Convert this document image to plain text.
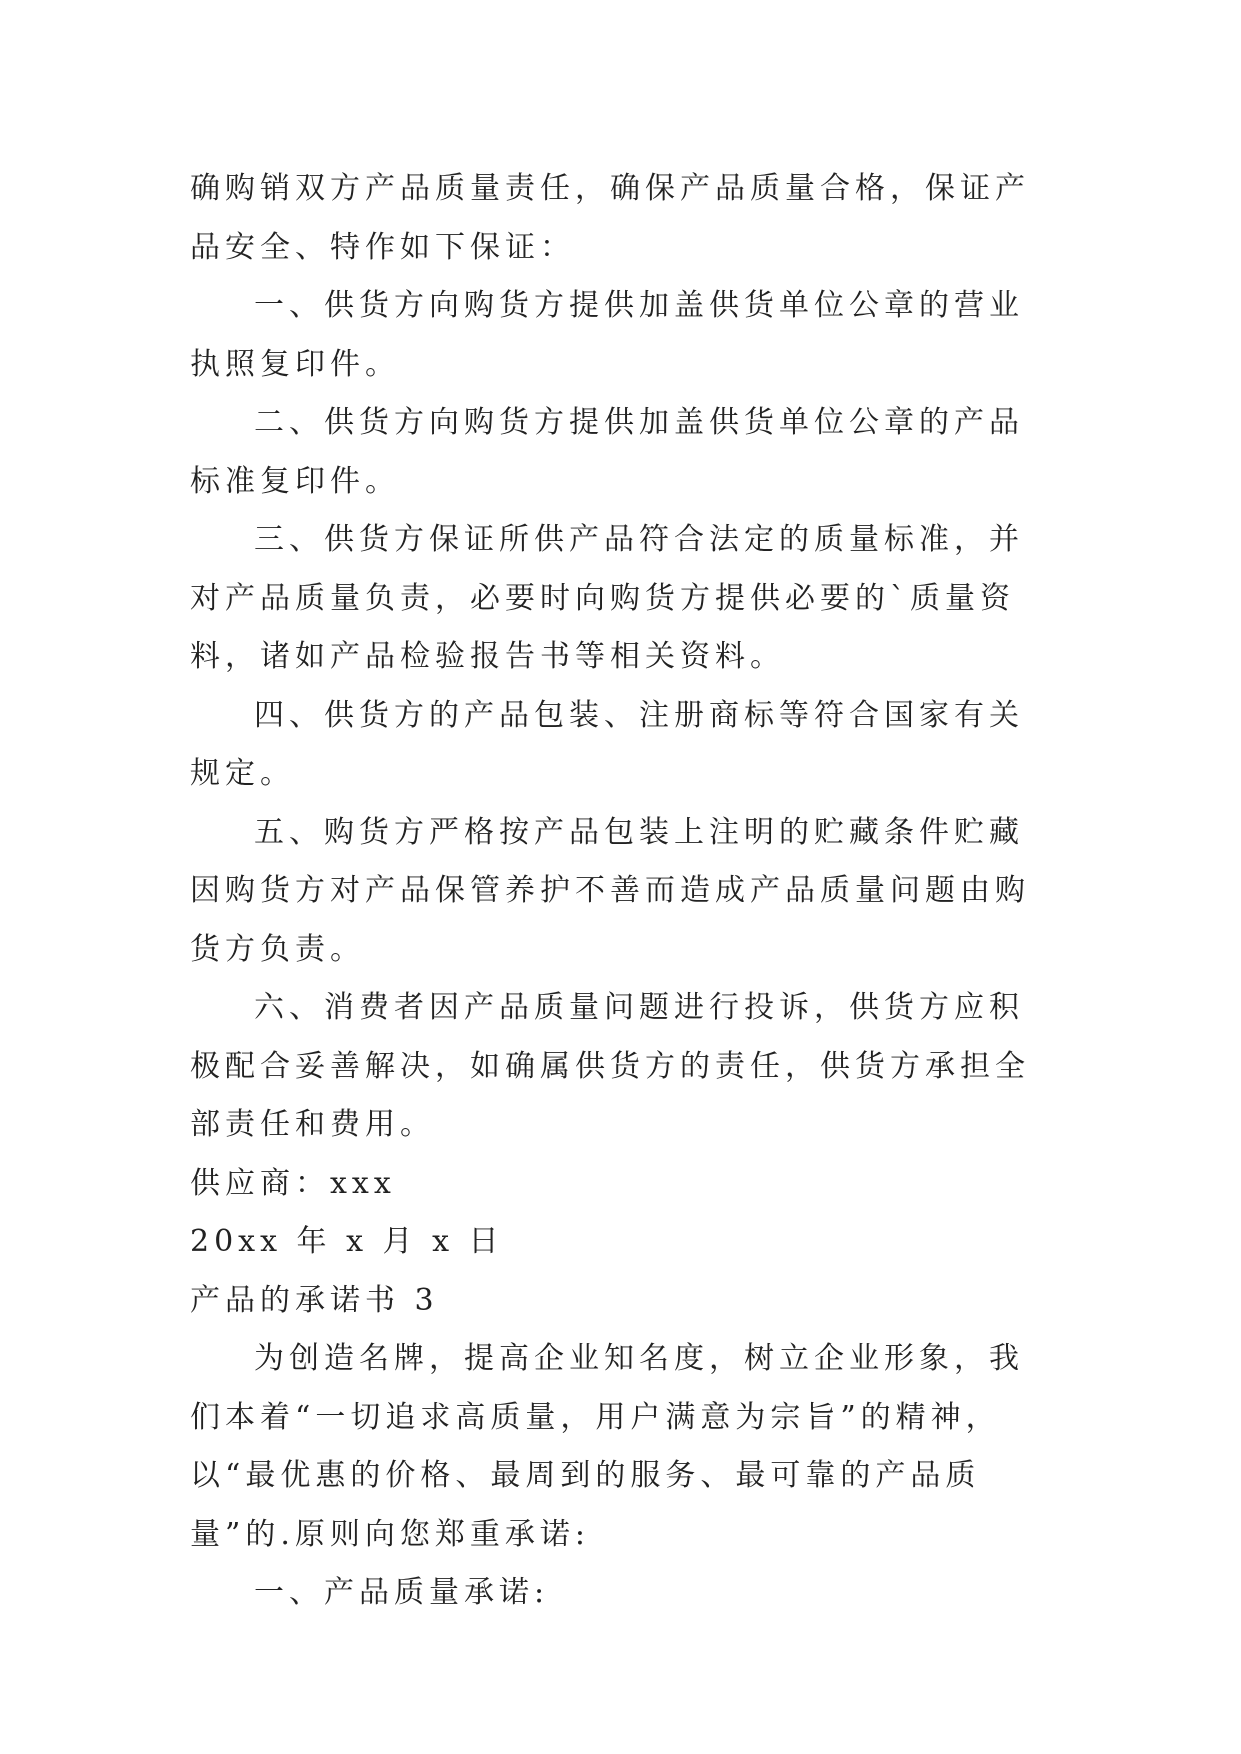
确购销双方产品质量责任，确保产品质量合格，保证产品安全、特作如下保证：

一、供货方向购货方提供加盖供货单位公章的营业执照复印件。

二、供货方向购货方提供加盖供货单位公章的产品标准复印件。

三、供货方保证所供产品符合法定的质量标准，并对产品质量负责，必要时向购货方提供必要的`质量资料，诸如产品检验报告书等相关资料。

四、供货方的产品包装、注册商标等符合国家有关规定。

五、购货方严格按产品包装上注明的贮藏条件贮藏因购货方对产品保管养护不善而造成产品质量问题由购货方负责。

六、消费者因产品质量问题进行投诉，供货方应积极配合妥善解决，如确属供货方的责任，供货方承担全部责任和费用。

供应商：xxx

20xx 年 x 月 x 日

产品的承诺书 3

为创造名牌，提高企业知名度，树立企业形象，我们本着“一切追求高质量，用户满意为宗旨”的精神，以“最优惠的价格、最周到的服务、最可靠的产品质量”的.原则向您郑重承诺:

一、产品质量承诺:
